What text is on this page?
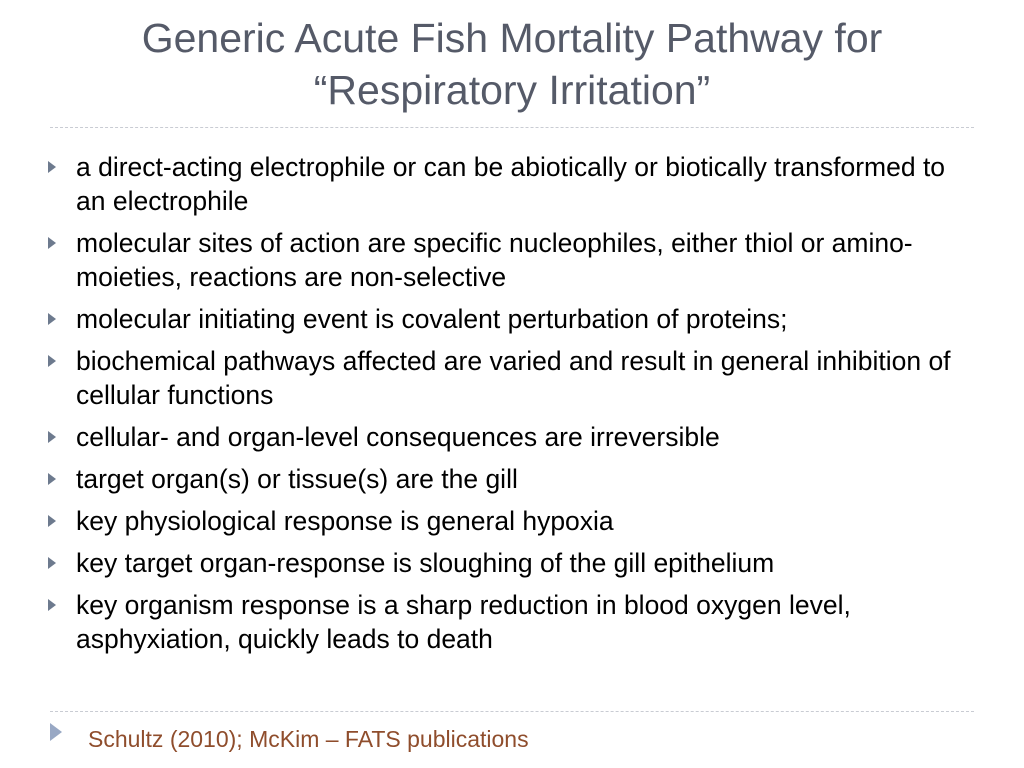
Generic Acute Fish Mortality Pathway for
“Respiratory Irritation”
a direct-acting electrophile or can be abiotically or biotically transformed to an electrophile
molecular sites of action are specific nucleophiles, either thiol or amino-moieties, reactions are non-selective
molecular initiating event is covalent perturbation of proteins;
biochemical pathways affected are varied and result in general inhibition of cellular functions
cellular- and organ-level consequences are irreversible
target organ(s) or tissue(s) are the gill
key physiological response is general hypoxia
key target organ-response is sloughing of the gill epithelium
key organism response is a sharp reduction in blood oxygen level, asphyxiation, quickly leads to death
Schultz (2010); McKim – FATS publications
